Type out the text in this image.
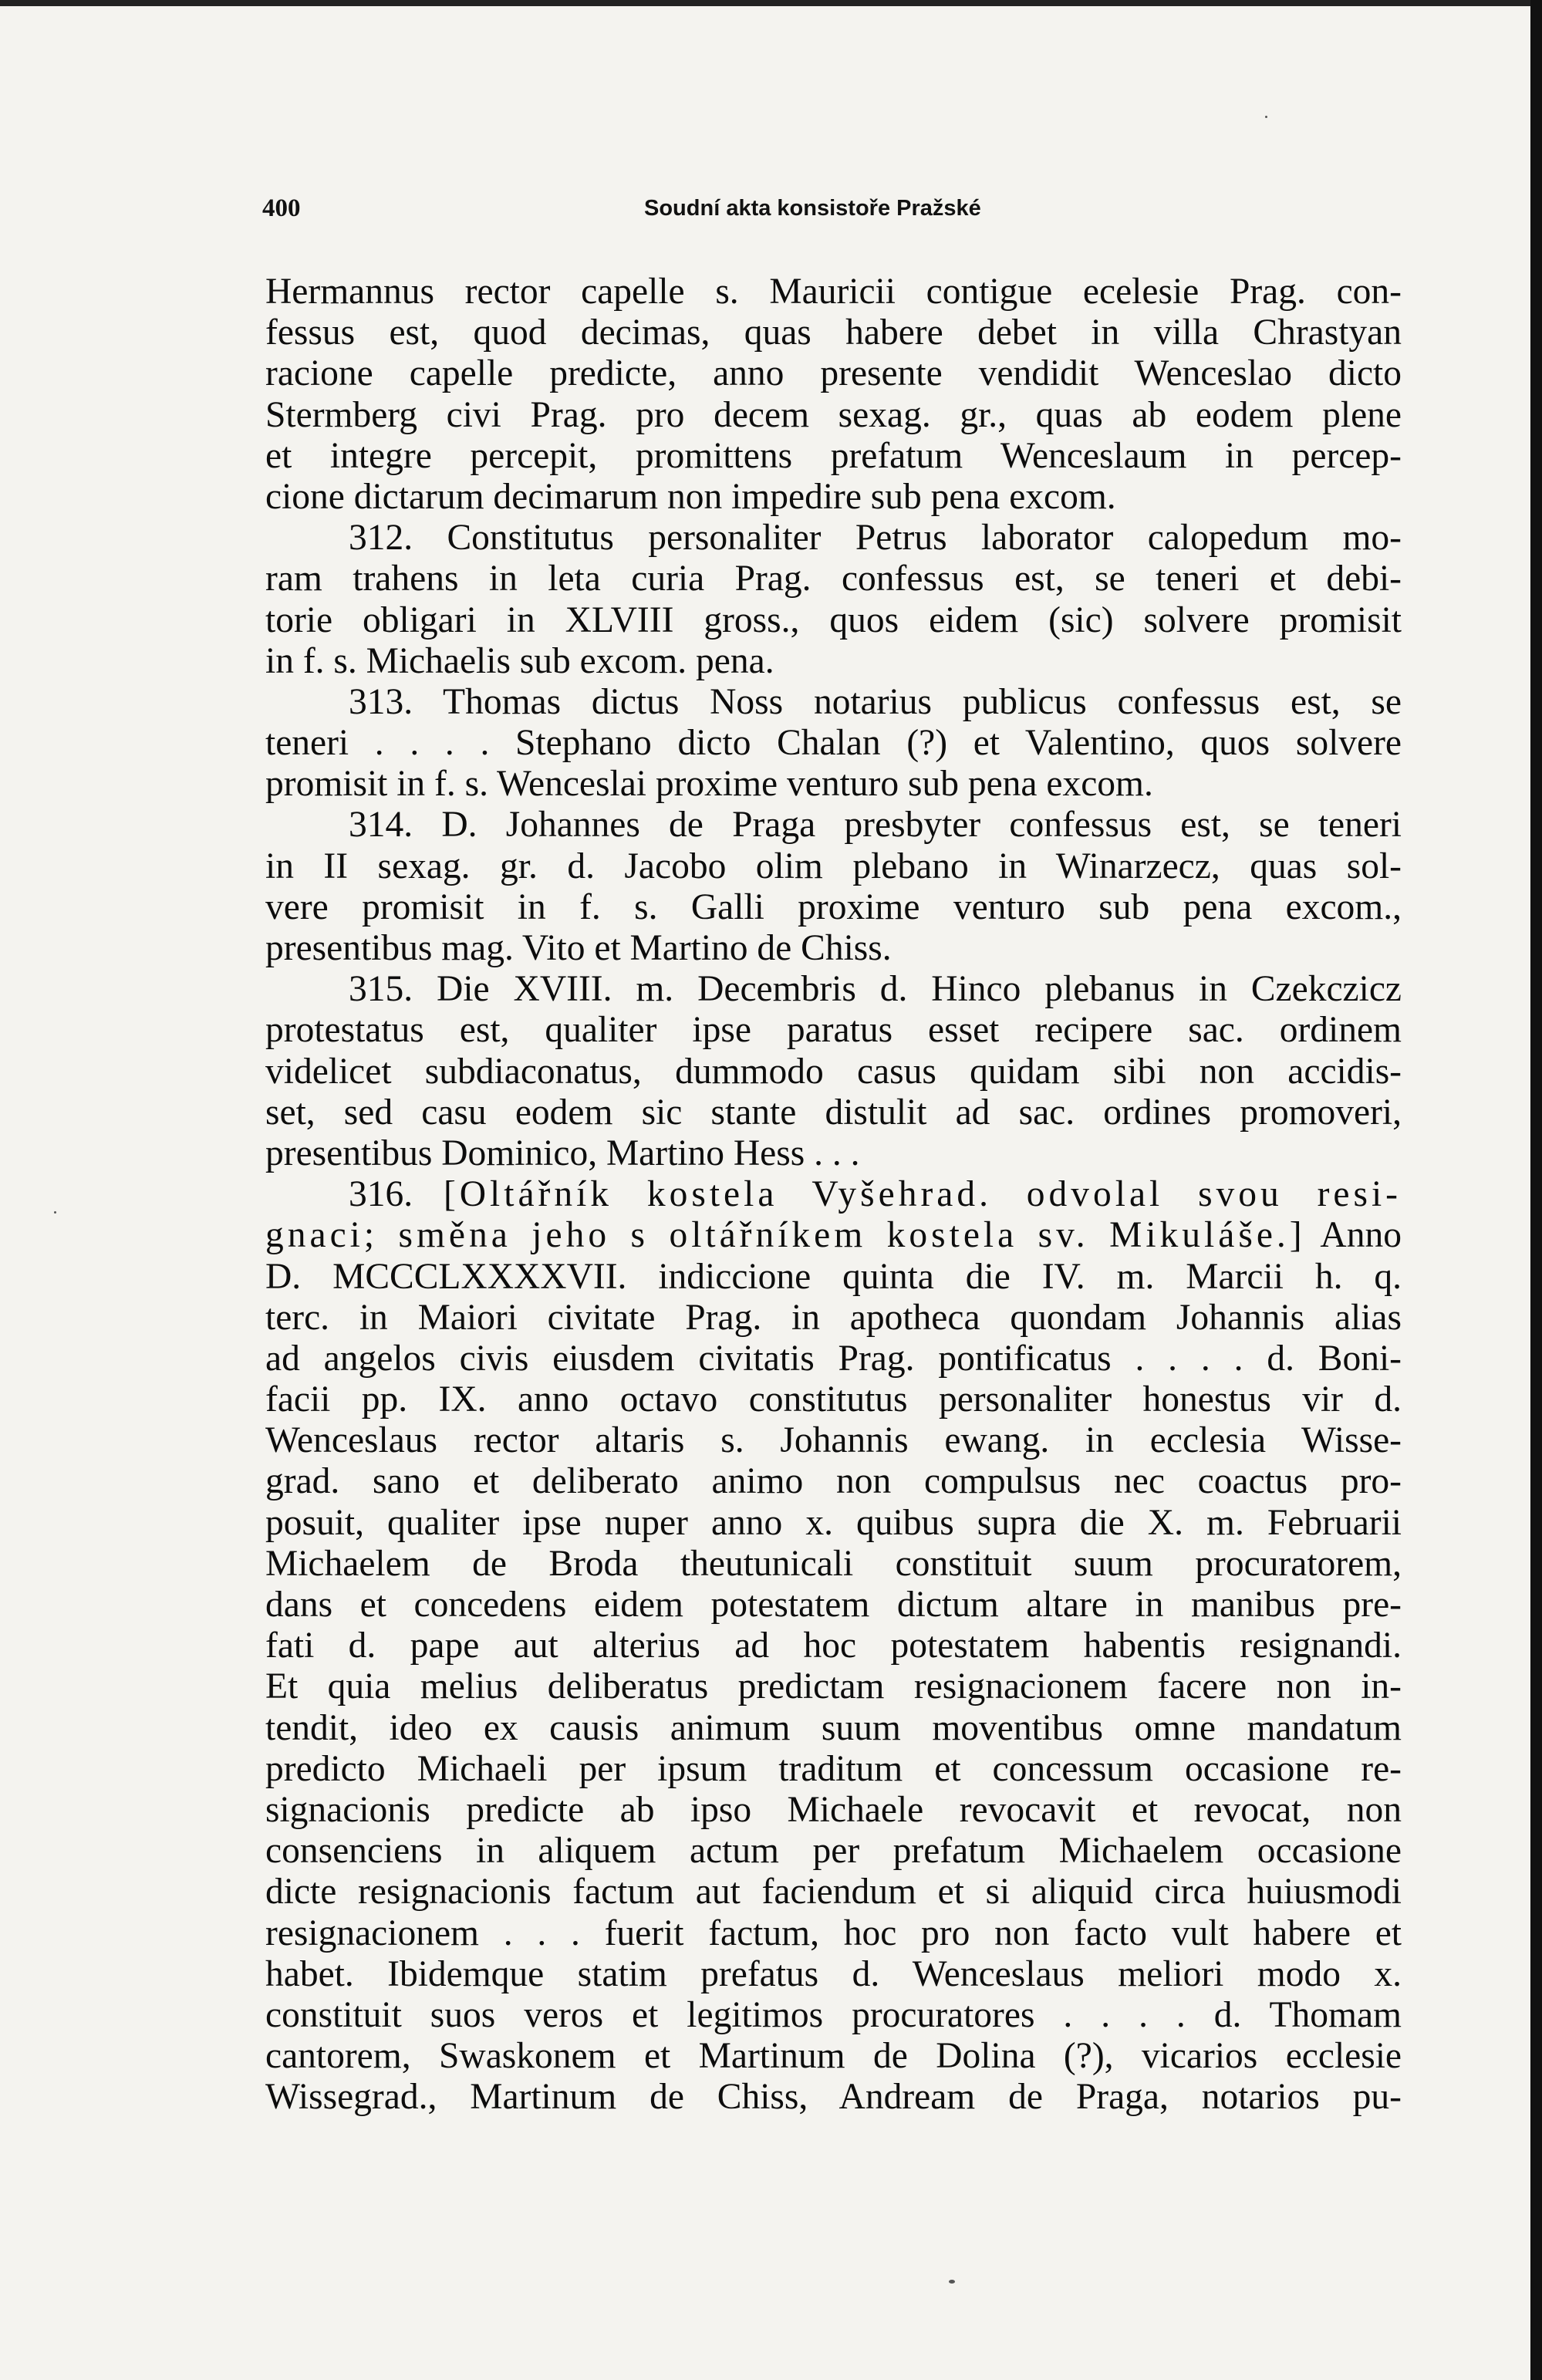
400	Soudní akta konsistoře Pražské
Hermannus rector capelle s. Mauricii contigue ecelesie Prag. con-
fessus est, quod decimas, quas habere debet in villa Chrastyan
racione capelle predicte, anno presente vendidit Wenceslao dicto
Stermberg civi Prag. pro decem sexag. gr., quas ab eodem plene
et integre percepit, promittens prefatum Wenceslaum in percep-
cione dictarum decimarum non impedire sub pena excom.
312. Constitutus personaliter Petrus laborator calopedum mo-
ram trahens in leta curia Prag. confessus est, se teneri et debi-
torie obligari in XLVIII gross., quos eidem (sic) solvere promisit
in f. s. Michaelis sub excom. pena.
313. Thomas dictus Noss notarius publicus confessus est, se
teneri . . . . Stephano dicto Chalan (?) et Valentino, quos solvere
promisit in f. s. Wenceslai proxime venturo sub pena excom.
314. D. Johannes de Praga presbyter confessus est, se teneri
in II sexag. gr. d. Jacobo olim plebano in Winarzecz, quas sol-
vere promisit in f. s. Galli proxime venturo sub pena excom.,
presentibus mag. Vito et Martino de Chiss.
315. Die XVIII. m. Decembris d. Hinco plebanus in Czekczicz
protestatus est, qualiter ipse paratus esset recipere sac. ordinem
videlicet subdiaconatus, dummodo casus quidam sibi non accidis-
set, sed casu eodem sic stante distulit ad sac. ordines promoveri,
presentibus Dominico, Martino Hess . . .
316. [Oltářník kostela Vyšehrad. odvolal svou resi-
gnaci; směna jeho s oltářníkem kostela sv. Mikuláše.] Anno
D. MCCCLXXXXVII. indiccione quinta die IV. m. Marcii h. q.
terc. in Maiori civitate Prag. in apotheca quondam Johannis alias
ad angelos civis eiusdem civitatis Prag. pontificatus . . . . d. Boni-
facii pp. IX. anno octavo constitutus personaliter honestus vir d.
Wenceslaus rector altaris s. Johannis ewang. in ecclesia Wisse-
grad. sano et deliberato animo non compulsus nec coactus pro-
posuit, qualiter ipse nuper anno x. quibus supra die X. m. Februarii
Michaelem de Broda theutunicali constituit suum procuratorem,
dans et concedens eidem potestatem dictum altare in manibus pre-
fati d. pape aut alterius ad hoc potestatem habentis resignandi.
Et quia melius deliberatus predictam resignacionem facere non in-
tendit, ideo ex causis animum suum moventibus omne mandatum
predicto Michaeli per ipsum traditum et concessum occasione re-
signacionis predicte ab ipso Michaele revocavit et revocat, non
consenciens in aliquem actum per prefatum Michaelem occasione
dicte resignacionis factum aut faciendum et si aliquid circa huiusmodi
resignacionem . . . fuerit factum, hoc pro non facto vult habere et
habet. Ibidemque statim prefatus d. Wenceslaus meliori modo x.
constituit suos veros et legitimos procuratores . . . . d. Thomam
cantorem, Swaskonem et Martinum de Dolina (?), vicarios ecclesie
Wissegrad., Martinum de Chiss, Andream de Praga, notarios pu-
